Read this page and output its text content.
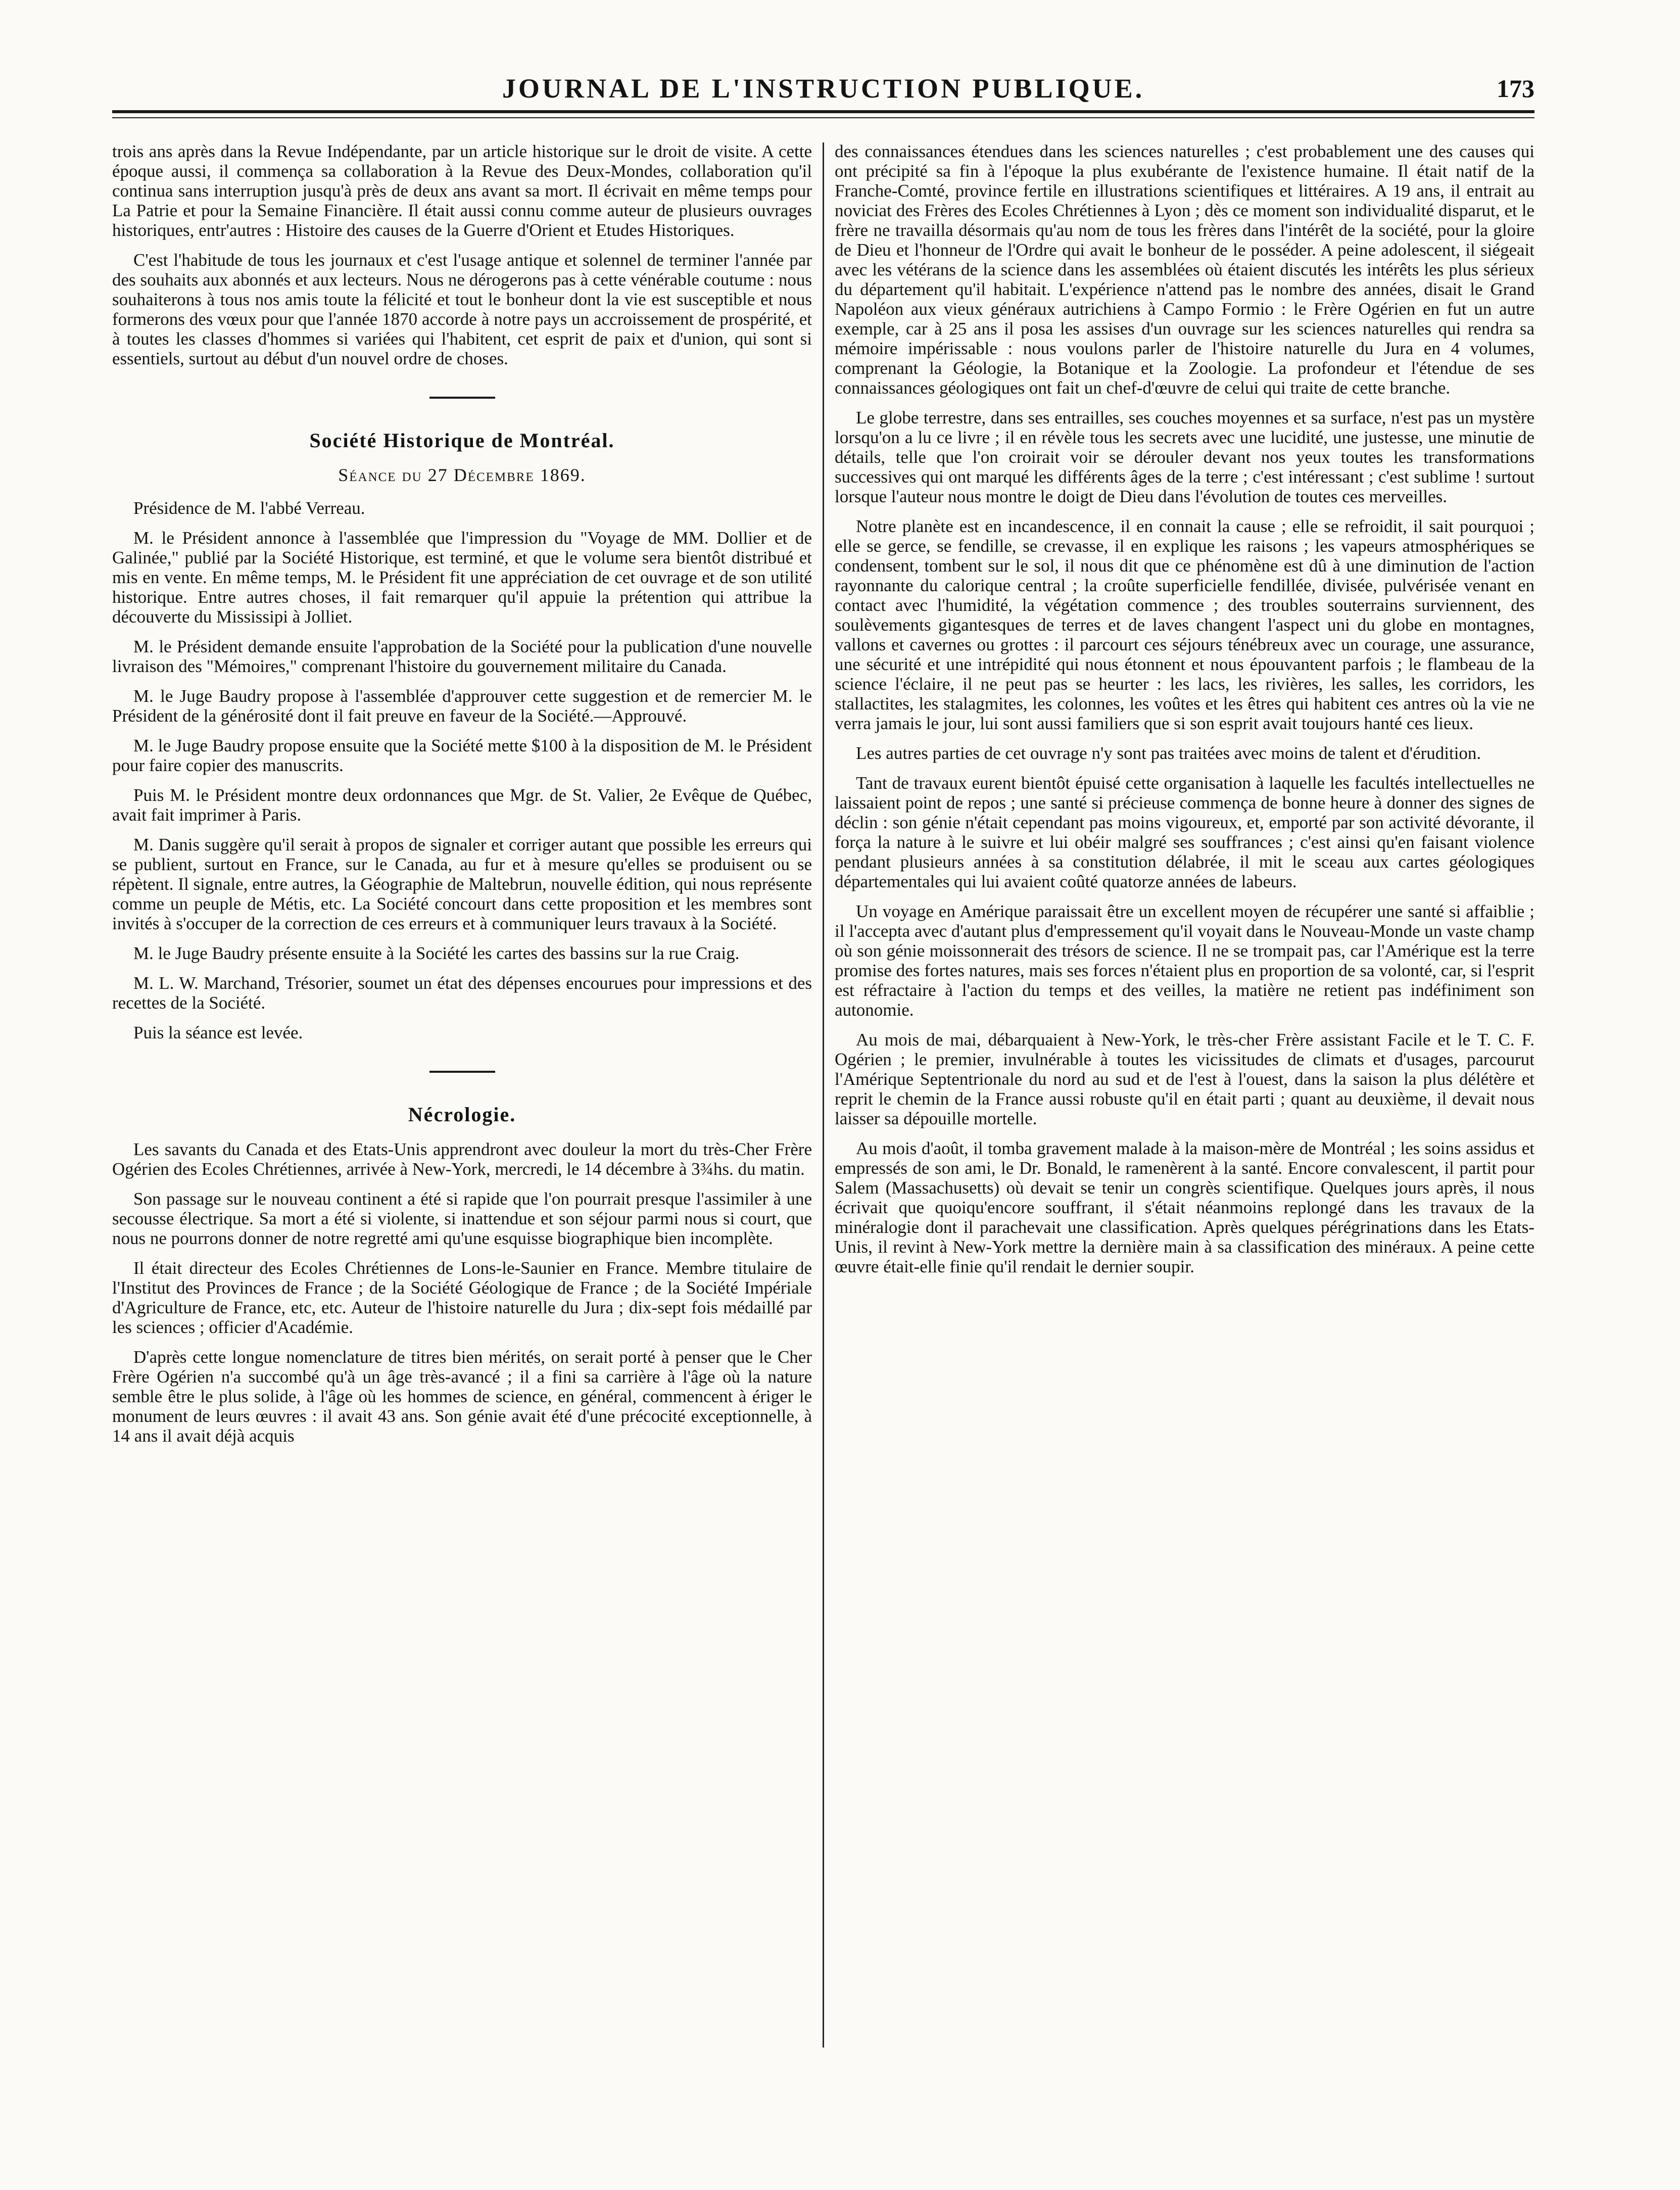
JOURNAL DE L'INSTRUCTION PUBLIQUE.	173

trois ans après dans la Revue Indépendante, par un article historique sur le droit de visite. A cette époque aussi, il commença sa collaboration à la Revue des Deux-Mondes, collaboration qu'il continua sans interruption jusqu'à près de deux ans avant sa mort. Il écrivait en même temps pour La Patrie et pour la Semaine Financière. Il était aussi connu comme auteur de plusieurs ouvrages historiques, entr'autres : Histoire des causes de la Guerre d'Orient et Etudes Historiques.

C'est l'habitude de tous les journaux et c'est l'usage antique et solennel de terminer l'année par des souhaits aux abonnés et aux lecteurs. Nous ne dérogerons pas à cette vénérable coutume : nous souhaiterons à tous nos amis toute la félicité et tout le bonheur dont la vie est susceptible et nous formerons des vœux pour que l'année 1870 accorde à notre pays un accroissement de prospérité, et à toutes les classes d'hommes si variées qui l'habitent, cet esprit de paix et d'union, qui sont si essentiels, surtout au début d'un nouvel ordre de choses.

Société Historique de Montréal.
Séance du 27 Décembre 1869.

Présidence de M. l'abbé Verreau.

M. le Président annonce à l'assemblée que l'impression du "Voyage de MM. Dollier et de Galinée," publié par la Société Historique, est terminé, et que le volume sera bientôt distribué et mis en vente. En même temps, M. le Président fit une appréciation de cet ouvrage et de son utilité historique. Entre autres choses, il fait remarquer qu'il appuie la prétention qui attribue la découverte du Mississipi à Jolliet.

M. le Président demande ensuite l'approbation de la Société pour la publication d'une nouvelle livraison des "Mémoires," comprenant l'histoire du gouvernement militaire du Canada.

M. le Juge Baudry propose à l'assemblée d'approuver cette suggestion et de remercier M. le Président de la générosité dont il fait preuve en faveur de la Société.—Approuvé.

M. le Juge Baudry propose ensuite que la Société mette $100 à la disposition de M. le Président pour faire copier des manuscrits.

Puis M. le Président montre deux ordonnances que Mgr. de St. Valier, 2e Evêque de Québec, avait fait imprimer à Paris.

M. Danis suggère qu'il serait à propos de signaler et corriger autant que possible les erreurs qui se publient, surtout en France, sur le Canada, au fur et à mesure qu'elles se produisent ou se répètent. Il signale, entre autres, la Géographie de Maltebrun, nouvelle édition, qui nous représente comme un peuple de Métis, etc. La Société concourt dans cette proposition et les membres sont invités à s'occuper de la correction de ces erreurs et à communiquer leurs travaux à la Société.

M. le Juge Baudry présente ensuite à la Société les cartes des bassins sur la rue Craig.

M. L. W. Marchand, Trésorier, soumet un état des dépenses encourues pour impressions et des recettes de la Société.

Puis la séance est levée.

Nécrologie.

Les savants du Canada et des Etats-Unis apprendront avec douleur la mort du très-Cher Frère Ogérien des Ecoles Chrétiennes, arrivée à New-York, mercredi, le 14 décembre à 3¾hs. du matin.

Son passage sur le nouveau continent a été si rapide que l'on pourrait presque l'assimiler à une secousse électrique. Sa mort a été si violente, si inattendue et son séjour parmi nous si court, que nous ne pourrons donner de notre regretté ami qu'une esquisse biographique bien incomplète.

Il était directeur des Ecoles Chrétiennes de Lons-le-Saunier en France. Membre titulaire de l'Institut des Provinces de France ; de la Société Géologique de France ; de la Société Impériale d'Agriculture de France, etc, etc. Auteur de l'histoire naturelle du Jura ; dix-sept fois médaillé par les sciences ; officier d'Académie.

D'après cette longue nomenclature de titres bien mérités, on serait porté à penser que le Cher Frère Ogérien n'a succombé qu'à un âge très-avancé ; il a fini sa carrière à l'âge où la nature semble être le plus solide, à l'âge où les hommes de science, en général, commencent à ériger le monument de leurs œuvres : il avait 43 ans. Son génie avait été d'une précocité exceptionnelle, à 14 ans il avait déjà acquis

des connaissances étendues dans les sciences naturelles ; c'est probablement une des causes qui ont précipité sa fin à l'époque la plus exubérante de l'existence humaine. Il était natif de la Franche-Comté, province fertile en illustrations scientifiques et littéraires. A 19 ans, il entrait au noviciat des Frères des Ecoles Chrétiennes à Lyon ; dès ce moment son individualité disparut, et le frère ne travailla désormais qu'au nom de tous les frères dans l'intérêt de la société, pour la gloire de Dieu et l'honneur de l'Ordre qui avait le bonheur de le posséder. A peine adolescent, il siégeait avec les vétérans de la science dans les assemblées où étaient discutés les intérêts les plus sérieux du département qu'il habitait. L'expérience n'attend pas le nombre des années, disait le Grand Napoléon aux vieux généraux autrichiens à Campo Formio : le Frère Ogérien en fut un autre exemple, car à 25 ans il posa les assises d'un ouvrage sur les sciences naturelles qui rendra sa mémoire impérissable : nous voulons parler de l'histoire naturelle du Jura en 4 volumes, comprenant la Géologie, la Botanique et la Zoologie. La profondeur et l'étendue de ses connaissances géologiques ont fait un chef-d'œuvre de celui qui traite de cette branche.

Le globe terrestre, dans ses entrailles, ses couches moyennes et sa surface, n'est pas un mystère lorsqu'on a lu ce livre ; il en révèle tous les secrets avec une lucidité, une justesse, une minutie de détails, telle que l'on croirait voir se dérouler devant nos yeux toutes les transformations successives qui ont marqué les différents âges de la terre ; c'est intéressant ; c'est sublime ! surtout lorsque l'auteur nous montre le doigt de Dieu dans l'évolution de toutes ces merveilles.

Notre planète est en incandescence, il en connait la cause ; elle se refroidit, il sait pourquoi ; elle se gerce, se fendille, se crevasse, il en explique les raisons ; les vapeurs atmosphériques se condensent, tombent sur le sol, il nous dit que ce phénomène est dû à une diminution de l'action rayonnante du calorique central ; la croûte superficielle fendillée, divisée, pulvérisée venant en contact avec l'humidité, la végétation commence ; des troubles souterrains surviennent, des soulèvements gigantesques de terres et de laves changent l'aspect uni du globe en montagnes, vallons et cavernes ou grottes : il parcourt ces séjours ténébreux avec un courage, une assurance, une sécurité et une intrépidité qui nous étonnent et nous épouvantent parfois ; le flambeau de la science l'éclaire, il ne peut pas se heurter : les lacs, les rivières, les salles, les corridors, les stallactites, les stalagmites, les colonnes, les voûtes et les êtres qui habitent ces antres où la vie ne verra jamais le jour, lui sont aussi familiers que si son esprit avait toujours hanté ces lieux.

Les autres parties de cet ouvrage n'y sont pas traitées avec moins de talent et d'érudition.

Tant de travaux eurent bientôt épuisé cette organisation à laquelle les facultés intellectuelles ne laissaient point de repos ; une santé si précieuse commença de bonne heure à donner des signes de déclin : son génie n'était cependant pas moins vigoureux, et, emporté par son activité dévorante, il força la nature à le suivre et lui obéir malgré ses souffrances ; c'est ainsi qu'en faisant violence pendant plusieurs années à sa constitution délabrée, il mit le sceau aux cartes géologiques départementales qui lui avaient coûté quatorze années de labeurs.

Un voyage en Amérique paraissait être un excellent moyen de récupérer une santé si affaiblie ; il l'accepta avec d'autant plus d'empressement qu'il voyait dans le Nouveau-Monde un vaste champ où son génie moissonnerait des trésors de science. Il ne se trompait pas, car l'Amérique est la terre promise des fortes natures, mais ses forces n'étaient plus en proportion de sa volonté, car, si l'esprit est réfractaire à l'action du temps et des veilles, la matière ne retient pas indéfiniment son autonomie.

Au mois de mai, débarquaient à New-York, le très-cher Frère assistant Facile et le T. C. F. Ogérien ; le premier, invulnérable à toutes les vicissitudes de climats et d'usages, parcourut l'Amérique Septentrionale du nord au sud et de l'est à l'ouest, dans la saison la plus délétère et reprit le chemin de la France aussi robuste qu'il en était parti ; quant au deuxième, il devait nous laisser sa dépouille mortelle.

Au mois d'août, il tomba gravement malade à la maison-mère de Montréal ; les soins assidus et empressés de son ami, le Dr. Bonald, le ramenèrent à la santé. Encore convalescent, il partit pour Salem (Massachusetts) où devait se tenir un congrès scientifique. Quelques jours après, il nous écrivait que quoiqu'encore souffrant, il s'était néanmoins replongé dans les travaux de la minéralogie dont il parachevait une classification. Après quelques pérégrinations dans les Etats-Unis, il revint à New-York mettre la dernière main à sa classification des minéraux. A peine cette œuvre était-elle finie qu'il rendait le dernier soupir.
